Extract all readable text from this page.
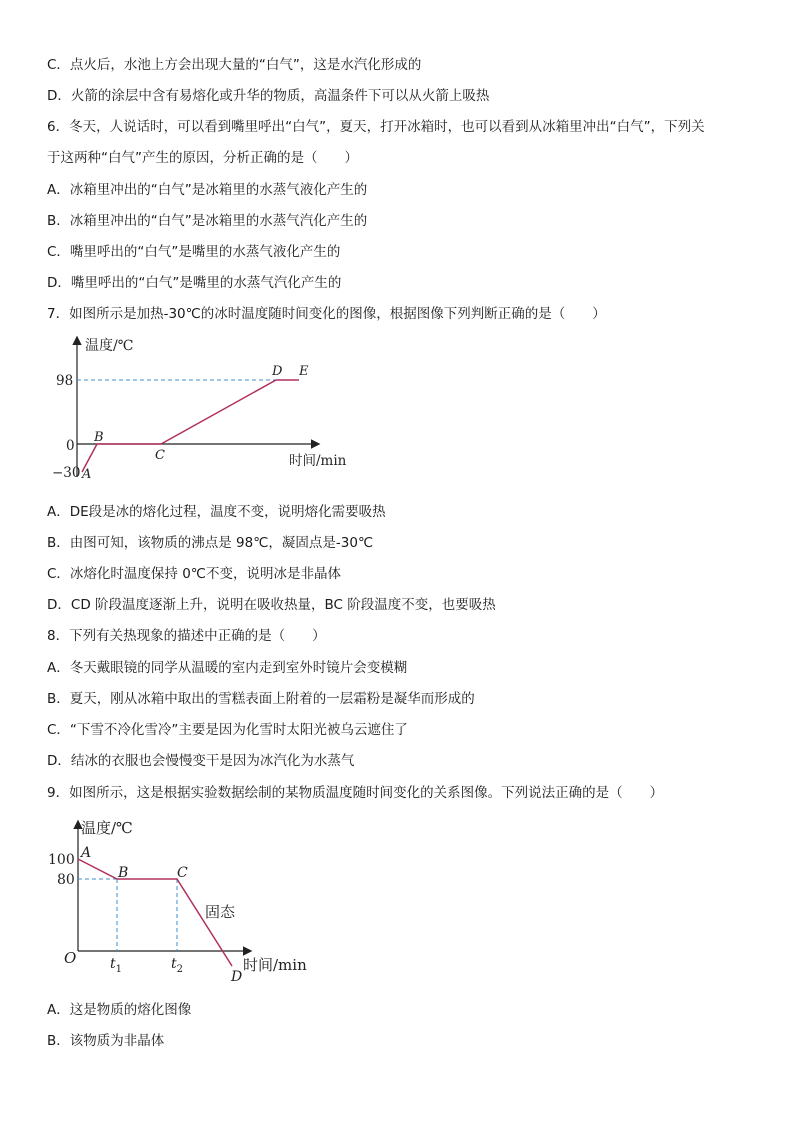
C．点火后，水池上方会出现大量的“白气”，这是水汽化形成的
D．火箭的涂层中含有易熔化或升华的物质，高温条件下可以从火箭上吸热
6．冬天，人说话时，可以看到嘴里呼出“白气”，夏天，打开冰箱时，也可以看到从冰箱里冲出“白气”，下列关
于这两种“白气”产生的原因，分析正确的是（　　）
A．冰箱里冲出的“白气”是冰箱里的水蒸气液化产生的
B．冰箱里冲出的“白气”是冰箱里的水蒸气汽化产生的
C．嘴里呼出的“白气”是嘴里的水蒸气液化产生的
D．嘴里呼出的“白气”是嘴里的水蒸气汽化产生的
7．如图所示是加热-30℃的冰时温度随时间变化的图像，根据图像下列判断正确的是（　　）
温度/℃
时间/min
98
0
−30 A
B
C
D E
A．DE段是冰的熔化过程，温度不变，说明熔化需要吸热
B．由图可知，该物质的沸点是 98℃，凝固点是-30℃
C．冰熔化时温度保持 0℃不变，说明冰是非晶体
D．CD 阶段温度逐渐上升，说明在吸收热量，BC 阶段温度不变，也要吸热
8．下列有关热现象的描述中正确的是（　　）
A．冬天戴眼镜的同学从温暖的室内走到室外时镜片会变模糊
B．夏天，刚从冰箱中取出的雪糕表面上附着的一层霜粉是凝华而形成的
C．“下雪不冷化雪冷”主要是因为化雪时太阳光被乌云遮住了
D．结冰的衣服也会慢慢变干是因为冰汽化为水蒸气
9．如图所示，这是根据实验数据绘制的某物质温度随时间变化的关系图像。下列说法正确的是（　　）
温度/℃
时间/min
100
80
O $t_1$	$t_2$
A
B	C
D
固态
A．这是物质的熔化图像
B．该物质为非晶体
